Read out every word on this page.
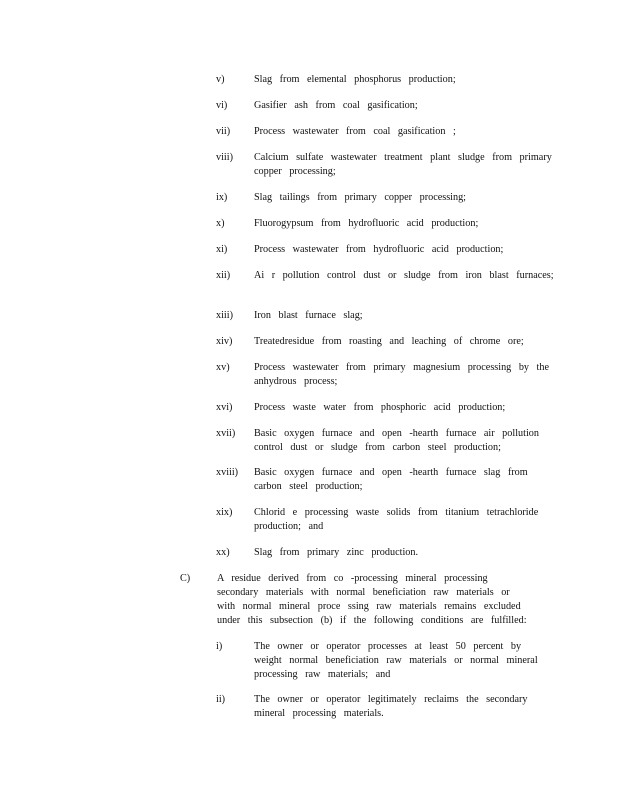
v)	Slag from elemental phosphorus production;
vi)	Gasifier ash from coal gasification;
vii)	Process wastewater from coal gasification ;
viii)	Calcium sulfate wastewater treatment plant sludge from primary copper processing;
ix)	Slag tailings from primary copper processing;
x)	Fluorogypsum from hydrofluoric acid production;
xi)	Process wastewater from hydrofluoric acid production;
xii)	Ai r pollution control dust or sludge from iron blast furnaces;
xiii)	Iron blast furnace slag;
xiv)	Treatedresidue from roasting and leaching of chrome ore;
xv)	Process wastewater from primary magnesium processing by the anhydrous process;
xvi)	Process waste water from phosphoric acid production;
xvii)	Basic oxygen furnace and open -hearth furnace air pollution control dust or sludge from carbon steel production;
xviii)	Basic oxygen furnace and open -hearth furnace slag from carbon steel production;
xix)	Chlorid e processing waste solids from titanium tetrachloride production; and
xx)	Slag from primary zinc production.
C)	A residue derived from co -processing mineral processing secondary materials with normal beneficiation raw materials or with normal mineral proce ssing raw materials remains excluded under this subsection (b) if the following conditions are fulfilled:
i)	The owner or operator processes at least 50 percent by weight normal beneficiation raw materials or normal mineral processing raw materials; and
ii)	The owner or operator legitimately reclaims the secondary mineral processing materials.
